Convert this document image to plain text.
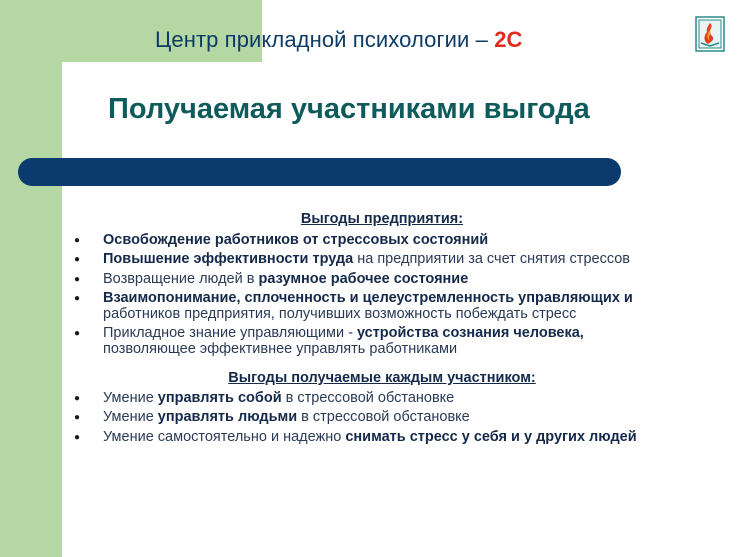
Центр прикладной психологии – 2С
Получаемая участниками выгода
Выгоды предприятия:
● Освобождение работников от стрессовых состояний
● Повышение эффективности труда на предприятии за счет снятия стрессов
● Возвращение людей в разумное рабочее состояние
● Взаимопонимание, сплоченность и целеустремленность управляющих и работников предприятия, получивших возможность побеждать стресс
● Прикладное знание управляющими - устройства сознания человека, позволяющее эффективнее управлять работниками
Выгоды получаемые каждым участником:
● Умение управлять собой в стрессовой обстановке
● Умение управлять людьми в стрессовой обстановке
● Умение самостоятельно и надежно снимать стресс у себя и у других людей
